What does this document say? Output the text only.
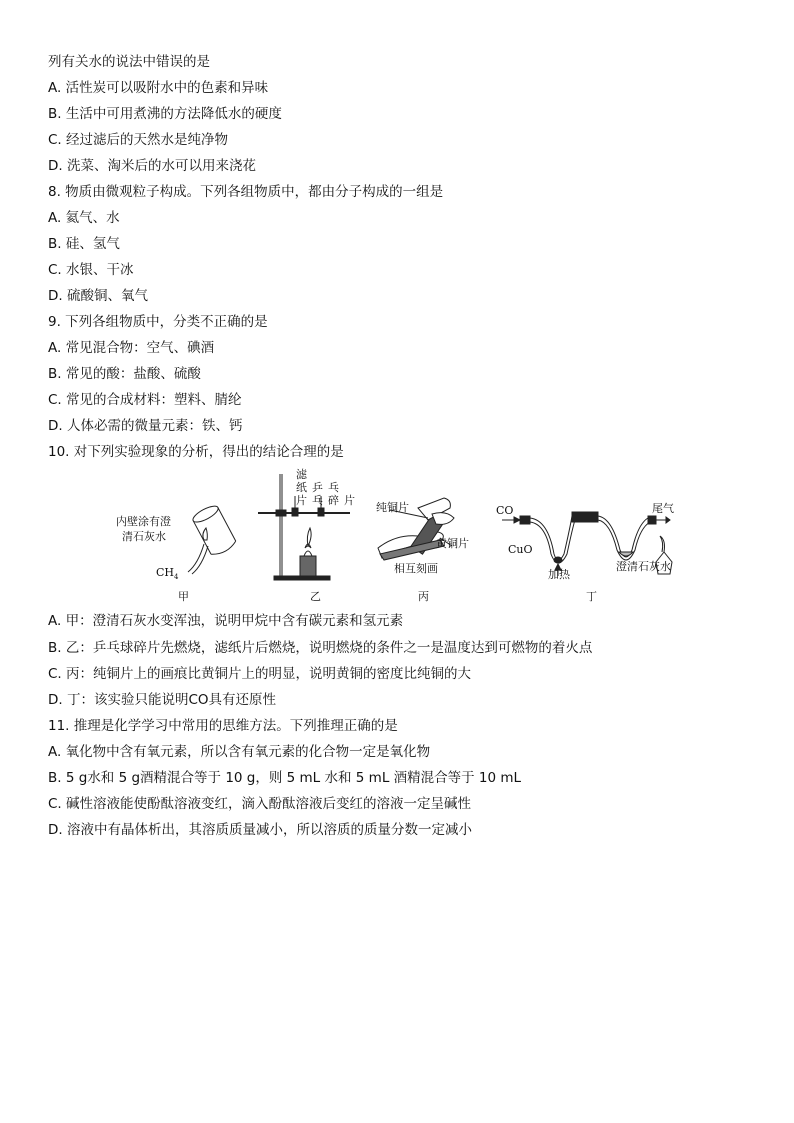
列有关水的说法中错误的是
A. 活性炭可以吸附水中的色素和异味
B. 生活中可用煮沸的方法降低水的硬度
C. 经过滤后的天然水是纯净物
D. 洗菜、淘米后的水可以用来浇花
8. 物质由微观粒子构成。下列各组物质中，都由分子构成的一组是
A. 氦气、水
B. 硅、氢气
C. 水银、干冰
D. 硫酸铜、氧气
9. 下列各组物质中，分类不正确的是
A. 常见混合物：空气、碘酒
B. 常见的酸：盐酸、硫酸
C. 常见的合成材料：塑料、腈纶
D. 人体必需的微量元素：铁、钙
10. 对下列实验现象的分析，得出的结论合理的是
内壁涂有澄
清石灰水
$CH_4$
甲
滤
纸
片
乒
乓
乓
碎 片
乙
纯铜片
黄铜片
相互刻画
丙
CO
CuO
加热
澄清石灰水
尾气
丁
A. 甲：澄清石灰水变浑浊，说明甲烷中含有碳元素和氢元素
B. 乙：乒乓球碎片先燃烧，滤纸片后燃烧，说明燃烧的条件之一是温度达到可燃物的着火点
C. 丙：纯铜片上的画痕比黄铜片上的明显，说明黄铜的密度比纯铜的大
D. 丁：该实验只能说明CO具有还原性
11. 推理是化学学习中常用的思维方法。下列推理正确的是
A. 氧化物中含有氧元素，所以含有氧元素的化合物一定是氧化物
B. 5 g水和 5 g酒精混合等于 10 g，则 5 mL 水和 5 mL 酒精混合等于 10 mL
C. 碱性溶液能使酚酞溶液变红，滴入酚酞溶液后变红的溶液一定呈碱性
D. 溶液中有晶体析出，其溶质质量减小，所以溶质的质量分数一定减小
